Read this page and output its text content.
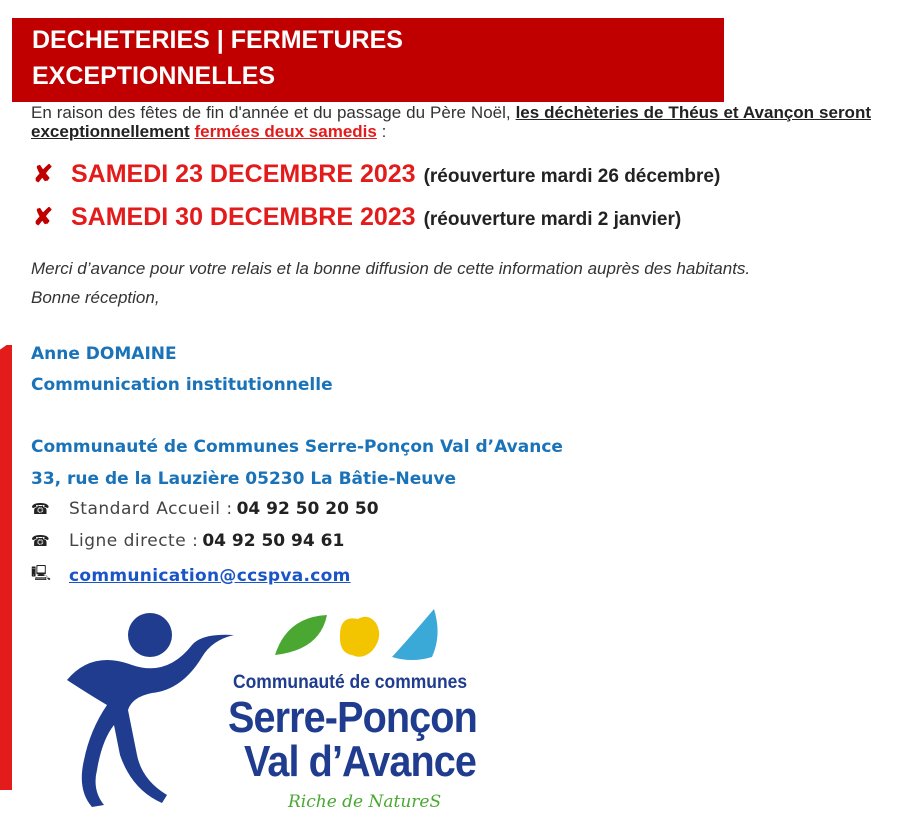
DECHETERIES | FERMETURES
EXCEPTIONNELLES
En raison des fêtes de fin d'année et du passage du Père Noël, les déchèteries de Théus et Avançon seront exceptionnellement fermées deux samedis :
✘ SAMEDI 23 DECEMBRE 2023 (réouverture mardi 26 décembre)
✘ SAMEDI 30 DECEMBRE 2023 (réouverture mardi 2 janvier)
Merci d’avance pour votre relais et la bonne diffusion de cette information auprès des habitants.
Bonne réception,
Anne DOMAINE
Communication institutionnelle
Communauté de Communes Serre-Ponçon Val d’Avance
33, rue de la Lauzière 05230 La Bâtie-Neuve
☎	Standard Accueil : 04 92 50 20 50
☎	Ligne directe : 04 92 50 94 61
🖳	communication@ccspva.com
Communauté de communes
Serre-Ponçon
Val d’Avance
Riche de NatureS
